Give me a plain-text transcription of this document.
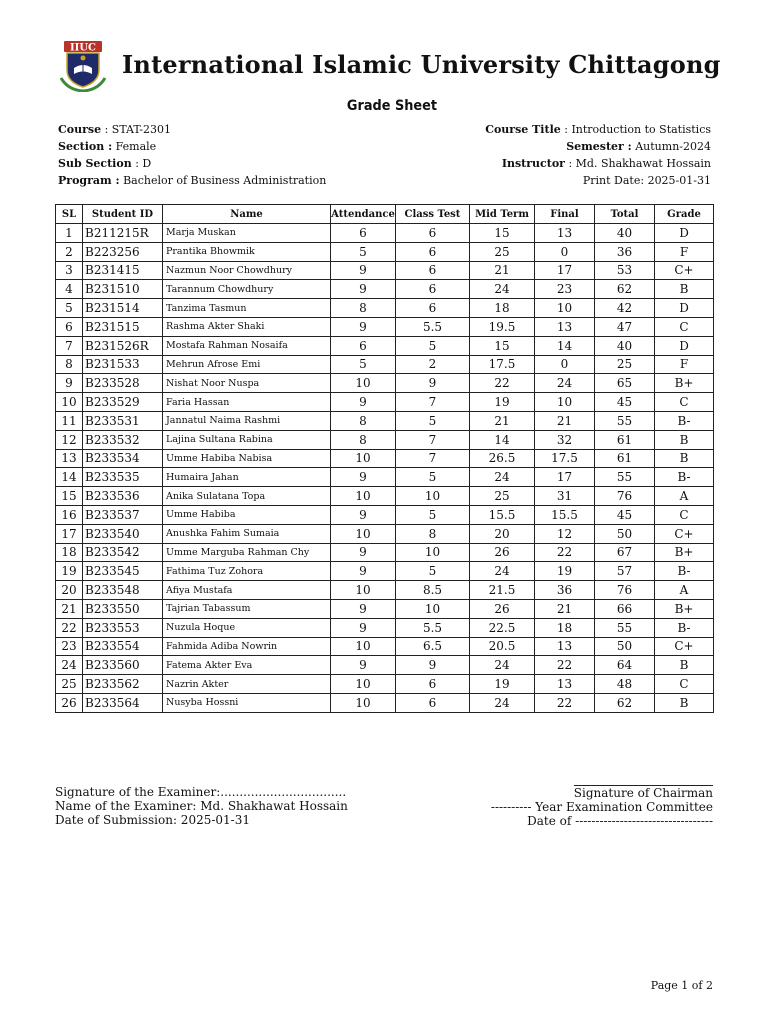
IIUC
International Islamic University Chittagong
Grade Sheet
Course : STAT-2301
Section : Female
Sub Section : D
Program : Bachelor of Business Administration
Course Title : Introduction to Statistics
Semester : Autumn-2024
Instructor : Md. Shakhawat Hossain
Print Date: 2025-01-31
SL	Student ID	Name	Attendance	Class Test	Mid Term	Final	Total	Grade
1	B211215R	Marja Muskan	6	6	15	13	40	D
2	B223256	Prantika Bhowmik	5	6	25	0	36	F
3	B231415	Nazmun Noor Chowdhury	9	6	21	17	53	C+
4	B231510	Tarannum Chowdhury	9	6	24	23	62	B
5	B231514	Tanzima Tasmun	8	6	18	10	42	D
6	B231515	Rashma Akter Shaki	9	5.5	19.5	13	47	C
7	B231526R	Mostafa Rahman Nosaifa	6	5	15	14	40	D
8	B231533	Mehrun Afrose Emi	5	2	17.5	0	25	F
9	B233528	Nishat Noor Nuspa	10	9	22	24	65	B+
10	B233529	Faria Hassan	9	7	19	10	45	C
11	B233531	Jannatul Naima Rashmi	8	5	21	21	55	B-
12	B233532	Lajina Sultana Rabina	8	7	14	32	61	B
13	B233534	Umme Habiba Nabisa	10	7	26.5	17.5	61	B
14	B233535	Humaira Jahan	9	5	24	17	55	B-
15	B233536	Anika Sulatana Topa	10	10	25	31	76	A
16	B233537	Umme Habiba	9	5	15.5	15.5	45	C
17	B233540	Anushka Fahim Sumaia	10	8	20	12	50	C+
18	B233542	Umme Marguba Rahman Chy	9	10	26	22	67	B+
19	B233545	Fathima Tuz Zohora	9	5	24	19	57	B-
20	B233548	Afiya Mustafa	10	8.5	21.5	36	76	A
21	B233550	Tajrian Tabassum	9	10	26	21	66	B+
22	B233553	Nuzula Hoque	9	5.5	22.5	18	55	B-
23	B233554	Fahmida Adiba Nowrin	10	6.5	20.5	13	50	C+
24	B233560	Fatema Akter Eva	9	9	24	22	64	B
25	B233562	Nazrin Akter	10	6	19	13	48	C
26	B233564	Nusyba Hossni	10	6	24	22	62	B
Signature of the Examiner:.................................
Name of the Examiner: Md. Shakhawat Hossain
Date of Submission: 2025-01-31
Signature of Chairman
---------- Year Examination Committee
Date of ----------------------------------
Page 1 of 2
